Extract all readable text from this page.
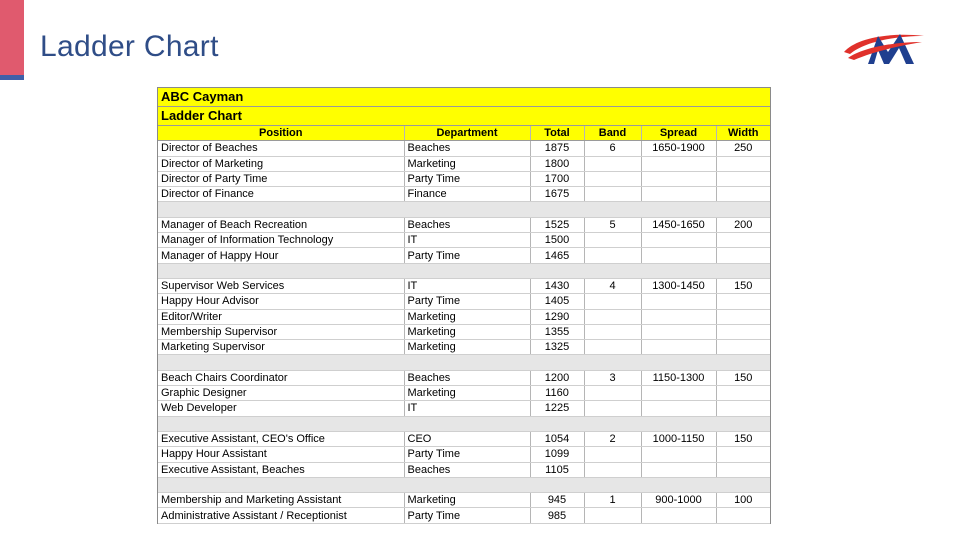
Ladder Chart
ABC Cayman
Ladder Chart
Position	Department	Total	Band	Spread	Width
Director of Beaches	Beaches	1875	6	1650-1900	250
Director of Marketing	Marketing	1800			
Director of Party Time	Party Time	1700			
Director of Finance	Finance	1675			

Manager of Beach Recreation	Beaches	1525	5	1450-1650	200
Manager of Information Technology	IT	1500			
Manager of Happy Hour	Party Time	1465			

Supervisor Web Services	IT	1430	4	1300-1450	150
Happy Hour Advisor	Party Time	1405			
Editor/Writer	Marketing	1290			
Membership Supervisor	Marketing	1355			
Marketing Supervisor	Marketing	1325			

Beach Chairs Coordinator	Beaches	1200	3	1150-1300	150
Graphic Designer	Marketing	1160			
Web Developer	IT	1225			

Executive Assistant, CEO's Office	CEO	1054	2	1000-1150	150
Happy Hour Assistant	Party Time	1099			
Executive Assistant, Beaches	Beaches	1105			

Membership and Marketing Assistant	Marketing	945	1	900-1000	100
Administrative Assistant / Receptionist	Party Time	985			
